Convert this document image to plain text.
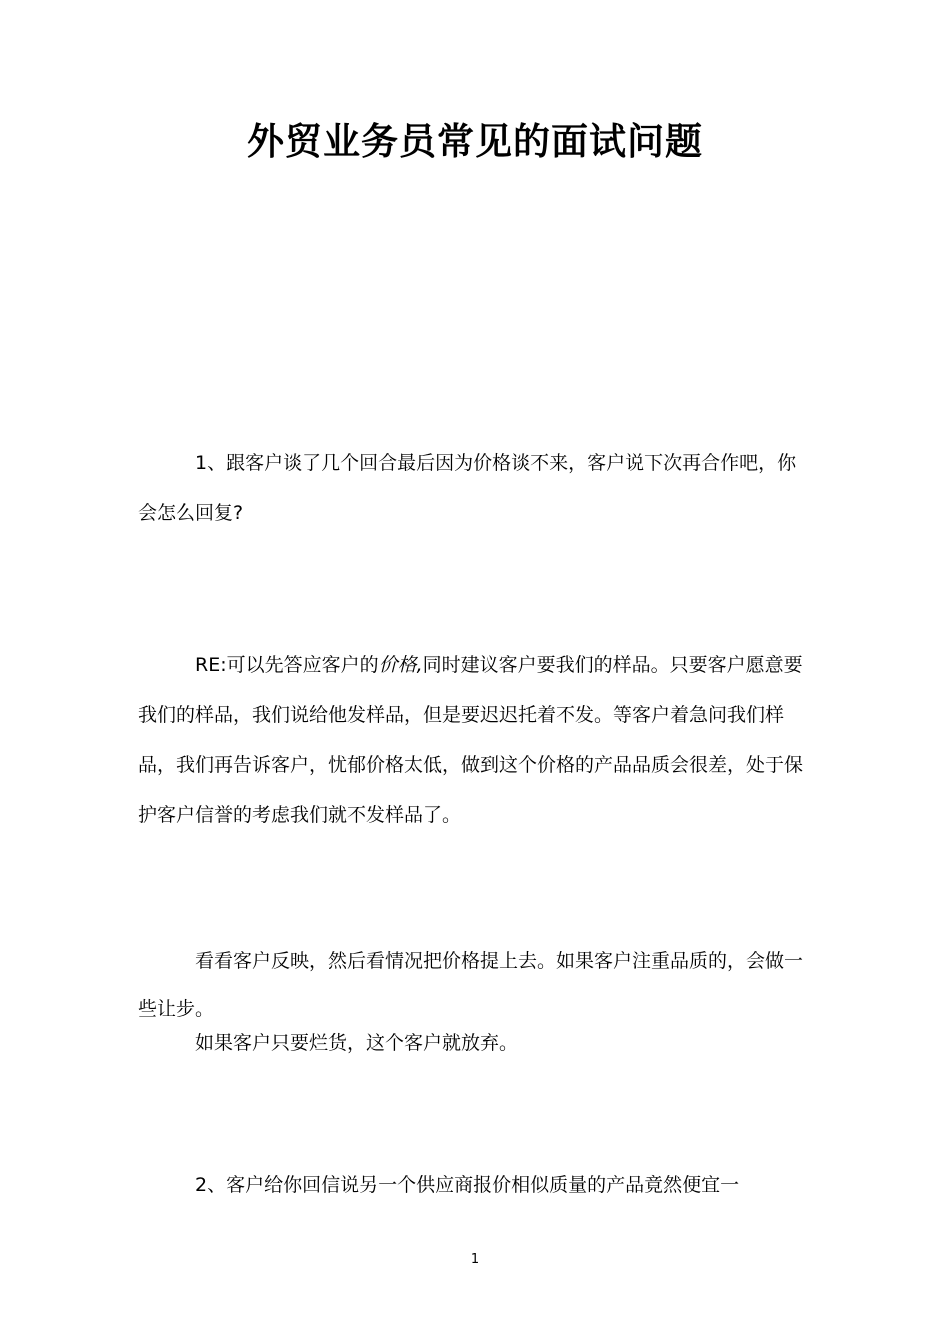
外贸业务员常见的面试问题

1、跟客户谈了几个回合最后因为价格谈不来，客户说下次再合作吧，你会怎么回复?

RE:可以先答应客户的价格,同时建议客户要我们的样品。只要客户愿意要我们的样品，我们说给他发样品，但是要迟迟托着不发。等客户着急问我们样品，我们再告诉客户，忧郁价格太低，做到这个价格的产品品质会很差，处于保护客户信誉的考虑我们就不发样品了。

看看客户反映，然后看情况把价格提上去。如果客户注重品质的，会做一些让步。

如果客户只要烂货，这个客户就放弃。

2、客户给你回信说另一个供应商报价相似质量的产品竟然便宜一

1
